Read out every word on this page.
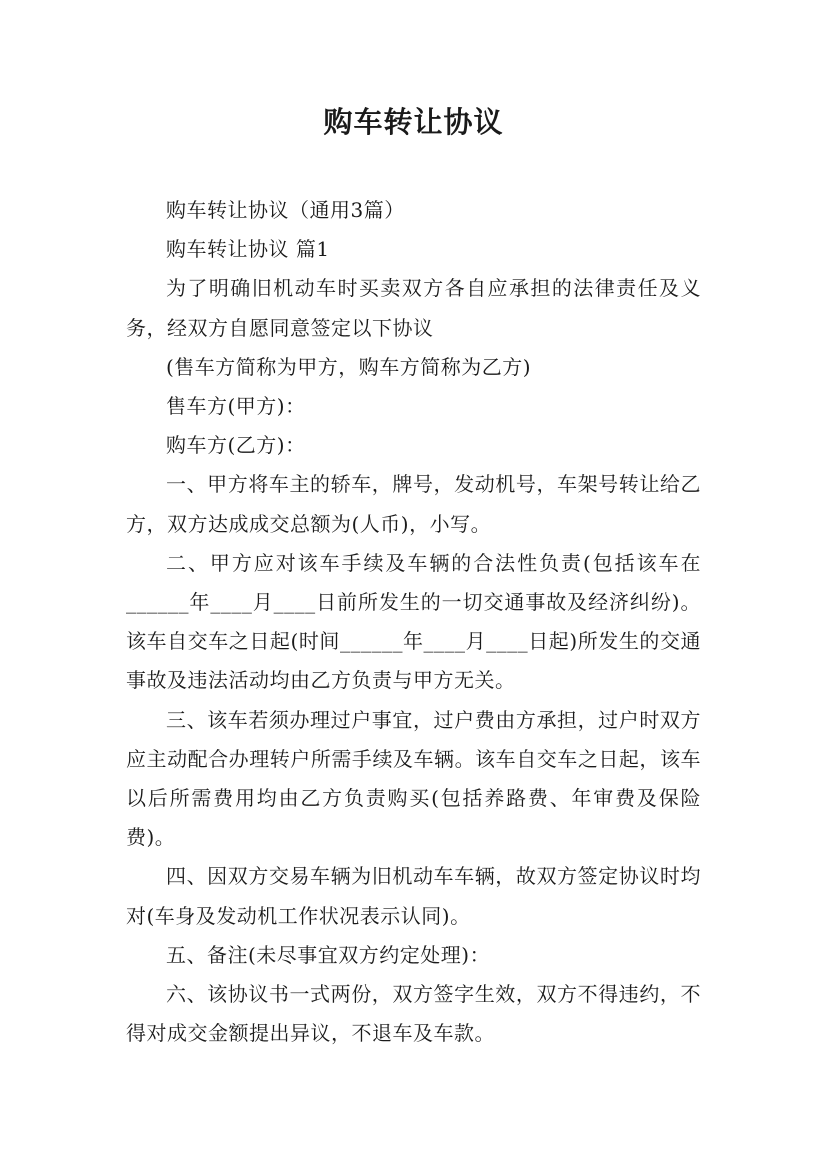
购车转让协议

购车转让协议（通用3篇）

购车转让协议 篇1

为了明确旧机动车时买卖双方各自应承担的法律责任及义务，经双方自愿同意签定以下协议

(售车方简称为甲方，购车方简称为乙方)

售车方(甲方)：

购车方(乙方)：

一、甲方将车主的轿车，牌号，发动机号，车架号转让给乙方，双方达成成交总额为(人币)，小写。

二、甲方应对该车手续及车辆的合法性负责(包括该车在______年____月____日前所发生的一切交通事故及经济纠纷)。该车自交车之日起(时间______年____月____日起)所发生的交通事故及违法活动均由乙方负责与甲方无关。

三、该车若须办理过户事宜，过户费由方承担，过户时双方应主动配合办理转户所需手续及车辆。该车自交车之日起，该车以后所需费用均由乙方负责购买(包括养路费、年审费及保险费)。

四、因双方交易车辆为旧机动车车辆，故双方签定协议时均对(车身及发动机工作状况表示认同)。

五、备注(未尽事宜双方约定处理)：

六、该协议书一式两份，双方签字生效，双方不得违约，不得对成交金额提出异议，不退车及车款。
